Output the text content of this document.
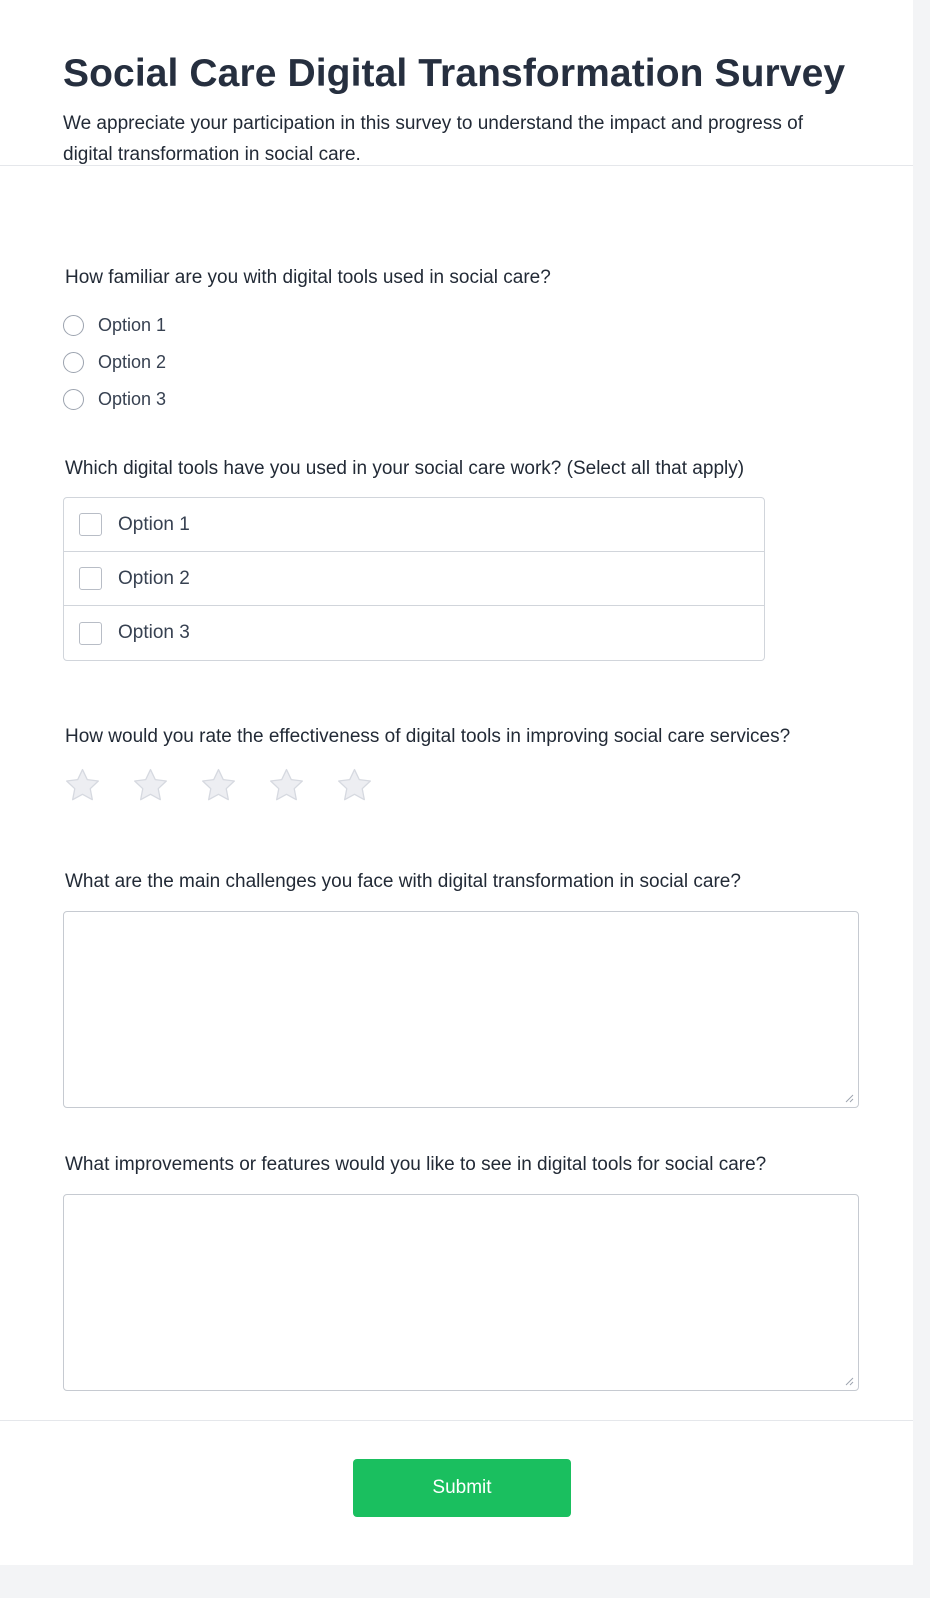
Social Care Digital Transformation Survey

We appreciate your participation in this survey to understand the impact and progress of digital transformation in social care.

How familiar are you with digital tools used in social care?
Option 1
Option 2
Option 3
Which digital tools have you used in your social care work? (Select all that apply)
Option 1
Option 2
Option 3
How would you rate the effectiveness of digital tools in improving social care services?
What are the main challenges you face with digital transformation in social care?
What improvements or features would you like to see in digital tools for social care?
Submit
